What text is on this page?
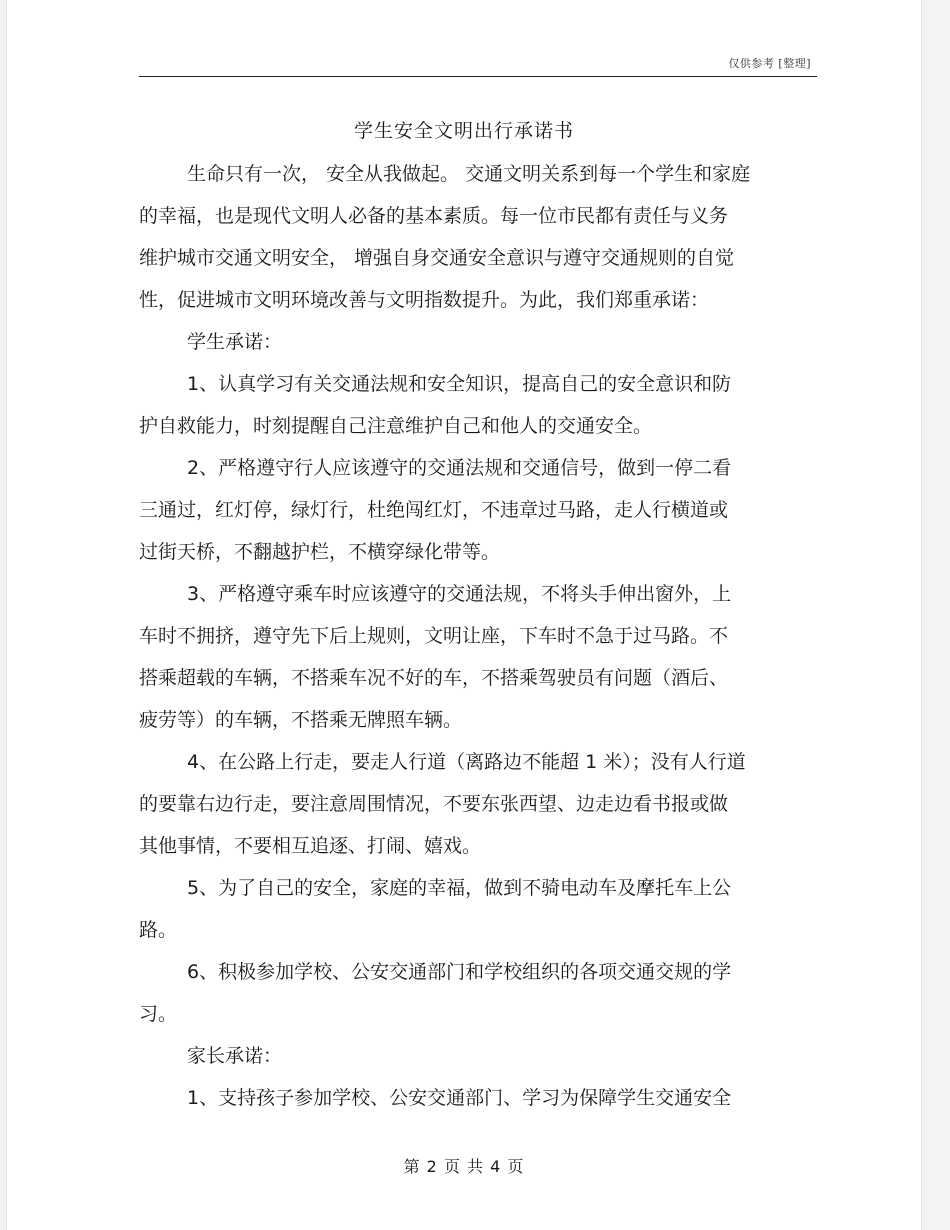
仅供参考 [整理]
学生安全文明出行承诺书
生命只有一次， 安全从我做起。 交通文明关系到每一个学生和家庭
的幸福，也是现代文明人必备的基本素质。每一位市民都有责任与义务
维护城市交通文明安全， 增强自身交通安全意识与遵守交通规则的自觉
性，促进城市文明环境改善与文明指数提升。为此，我们郑重承诺：
学生承诺：
1、认真学习有关交通法规和安全知识，提高自己的安全意识和防
护自救能力，时刻提醒自己注意维护自己和他人的交通安全。
2、严格遵守行人应该遵守的交通法规和交通信号，做到一停二看
三通过，红灯停，绿灯行，杜绝闯红灯，不违章过马路，走人行横道或
过街天桥，不翻越护栏，不横穿绿化带等。
3、严格遵守乘车时应该遵守的交通法规，不将头手伸出窗外，上
车时不拥挤，遵守先下后上规则，文明让座，下车时不急于过马路。不
搭乘超载的车辆，不搭乘车况不好的车，不搭乘驾驶员有问题（酒后、
疲劳等）的车辆，不搭乘无牌照车辆。
4、在公路上行走，要走人行道（离路边不能超 1 米）；没有人行道
的要靠右边行走，要注意周围情况，不要东张西望、边走边看书报或做
其他事情，不要相互追逐、打闹、嬉戏。
5、为了自己的安全，家庭的幸福，做到不骑电动车及摩托车上公
路。
6、积极参加学校、公安交通部门和学校组织的各项交通交规的学
习。
家长承诺：
1、支持孩子参加学校、公安交通部门、学习为保障学生交通安全
第 2 页 共 4 页
